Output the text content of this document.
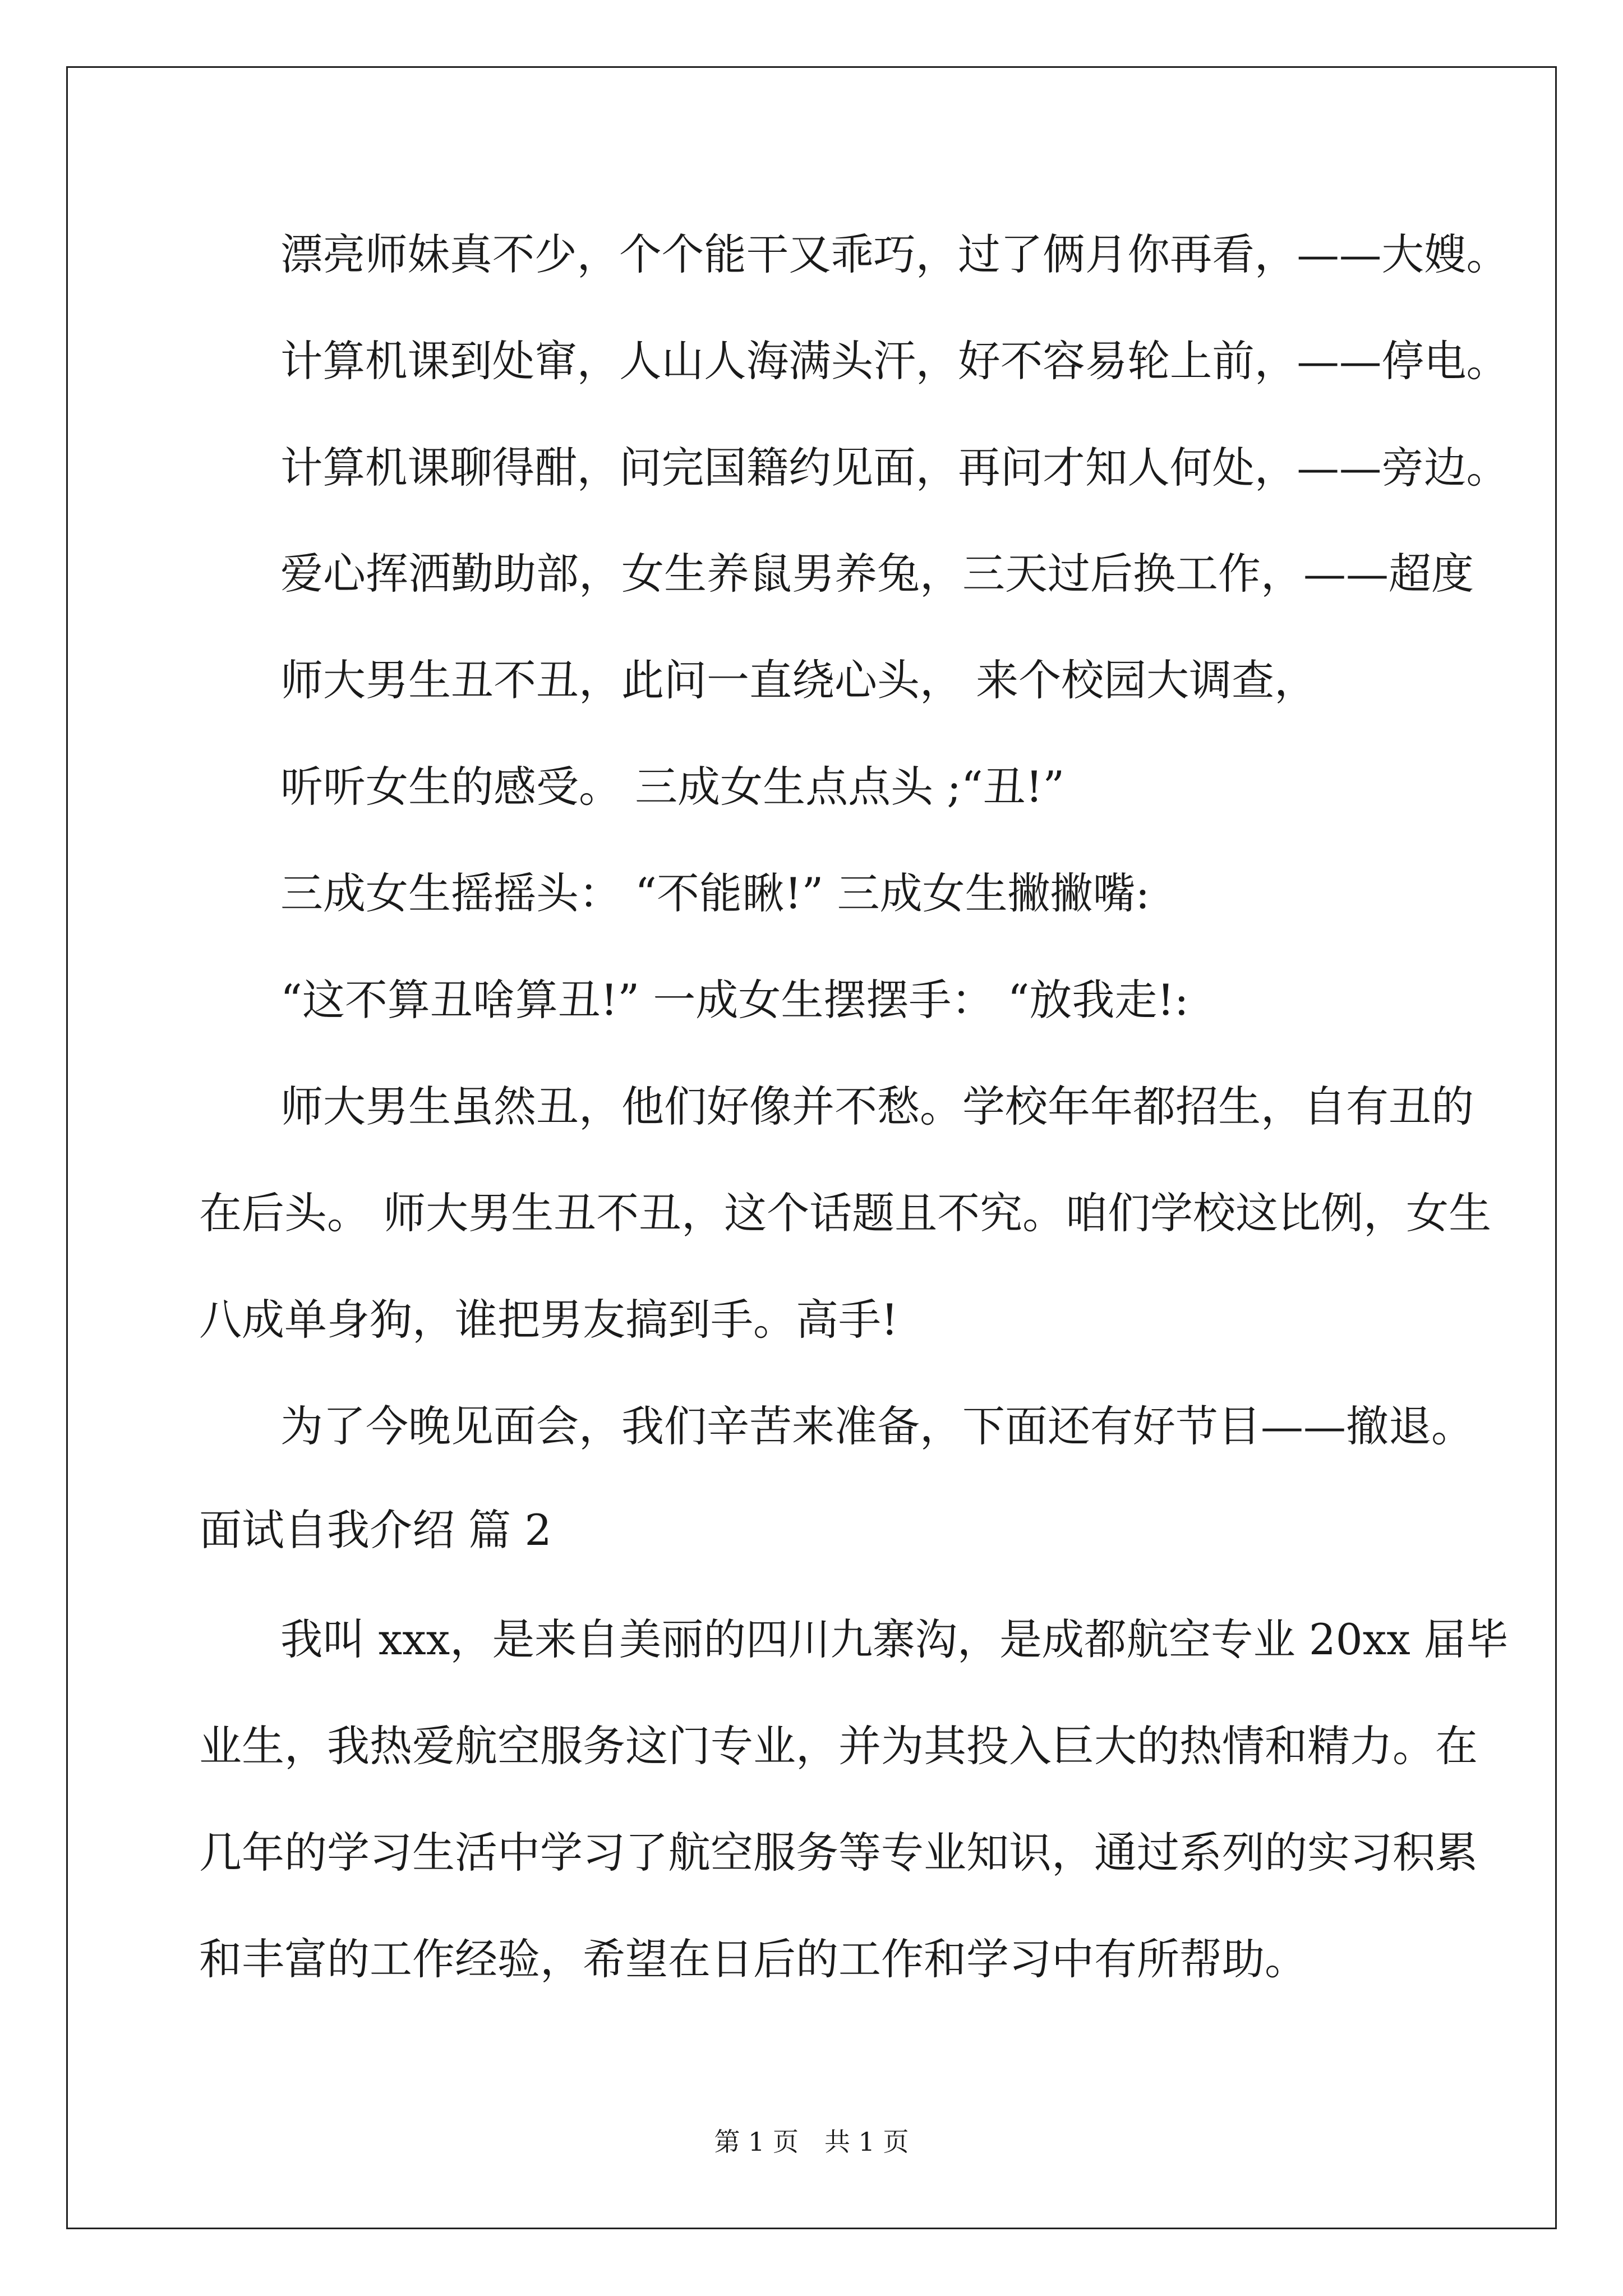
漂亮师妹真不少，个个能干又乖巧，过了俩月你再看，——大嫂。
计算机课到处窜，人山人海满头汗，好不容易轮上前，——停电。
计算机课聊得酣，问完国籍约见面，再问才知人何处，——旁边。
爱心挥洒勤助部，女生养鼠男养兔，三天过后换工作，——超度
师大男生丑不丑，此问一直绕心头， 来个校园大调查，
听听女生的感受。 三成女生点点头 ;“丑!”
三成女生摇摇头： “不能瞅!” 三成女生撇撇嘴:
“这不算丑啥算丑!” 一成女生摆摆手： “放我走!:
师大男生虽然丑，他们好像并不愁。学校年年都招生，自有丑的
在后头。 师大男生丑不丑，这个话题且不究。咱们学校这比例，女生
八成单身狗，谁把男友搞到手。高手!
为了今晚见面会，我们辛苦来准备，下面还有好节目——撤退。
面试自我介绍 篇 2
我叫 xxx，是来自美丽的四川九寨沟，是成都航空专业 20xx 届毕
业生，我热爱航空服务这门专业，并为其投入巨大的热情和精力。在
几年的学习生活中学习了航空服务等专业知识，通过系列的实习积累
和丰富的工作经验，希望在日后的工作和学习中有所帮助。
第 1 页　共 1 页
